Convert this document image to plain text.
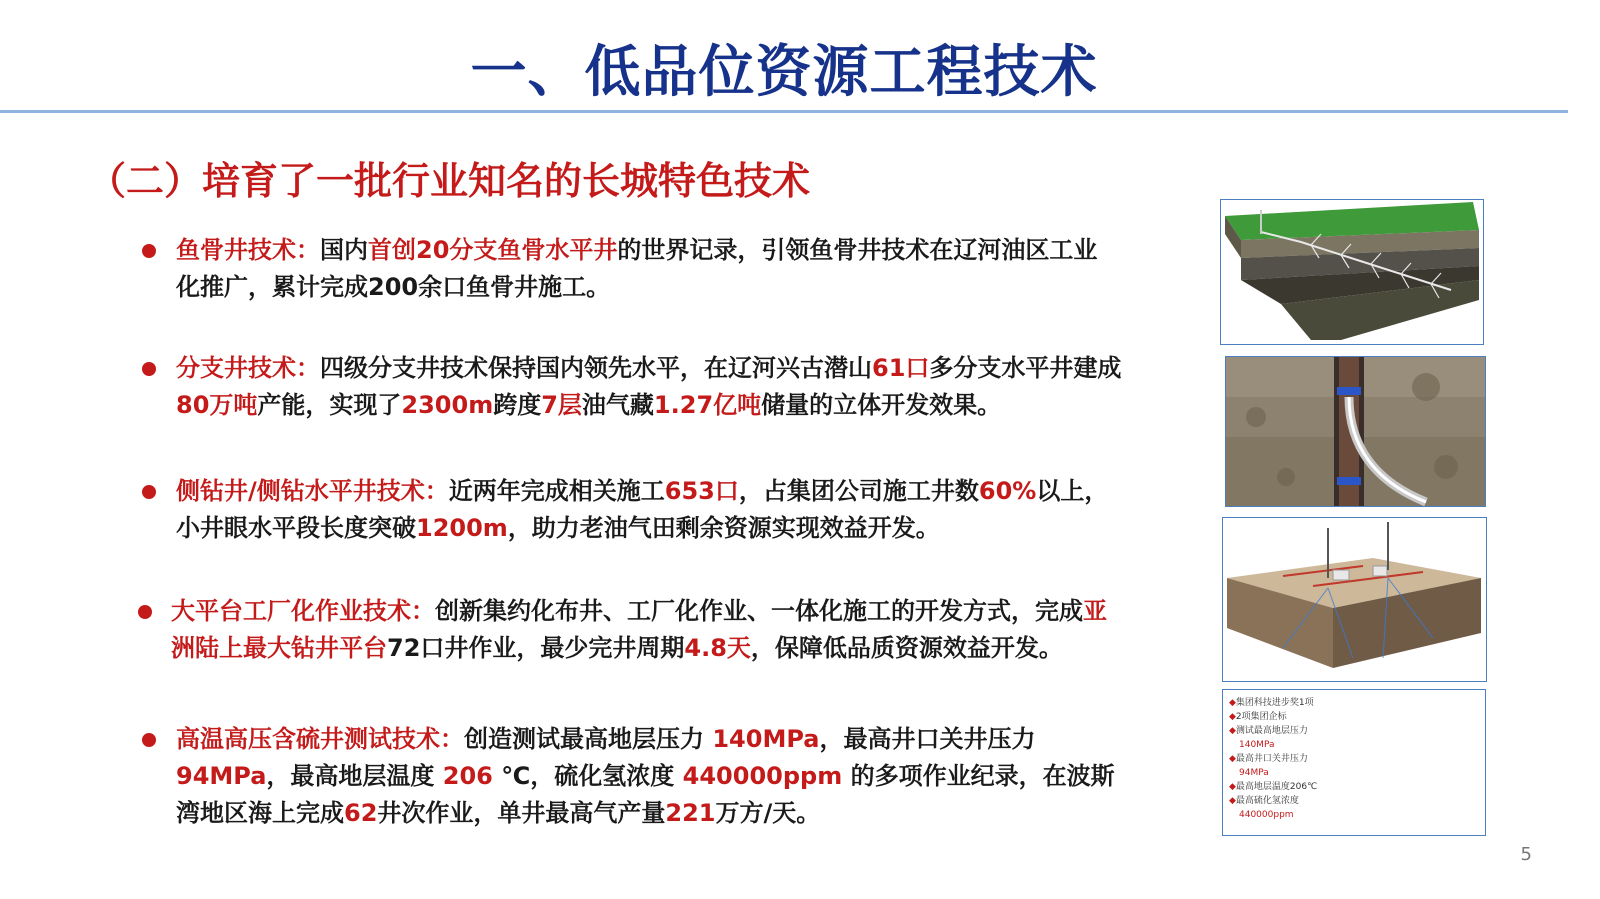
一、低品位资源工程技术
（二）培育了一批行业知名的长城特色技术
鱼骨井技术：国内首创20分支鱼骨水平井的世界记录，引领鱼骨井技术在辽河油区工业
化推广，累计完成200余口鱼骨井施工。
分支井技术：四级分支井技术保持国内领先水平，在辽河兴古潜山61口多分支水平井建成
80万吨产能，实现了2300m跨度7层油气藏1.27亿吨储量的立体开发效果。
侧钻井/侧钻水平井技术：近两年完成相关施工653口，占集团公司施工井数60%以上，
小井眼水平段长度突破1200m，助力老油气田剩余资源实现效益开发。
大平台工厂化作业技术：创新集约化布井、工厂化作业、一体化施工的开发方式，完成亚
洲陆上最大钻井平台72口井作业，最少完井周期4.8天，保障低品质资源效益开发。
高温高压含硫井测试技术：创造测试最高地层压力 140MPa，最高井口关井压力
94MPa，最高地层温度 206 ℃，硫化氢浓度 440000ppm 的多项作业纪录，在波斯
湾地区海上完成62井次作业，单井最高气产量221万方/天。
◆集团科技进步奖1项
◆2项集团企标
◆测试最高地层压力
140MPa
◆最高井口关井压力
94MPa
◆最高地层温度206℃
◆最高硫化氢浓度
440000ppm
5
